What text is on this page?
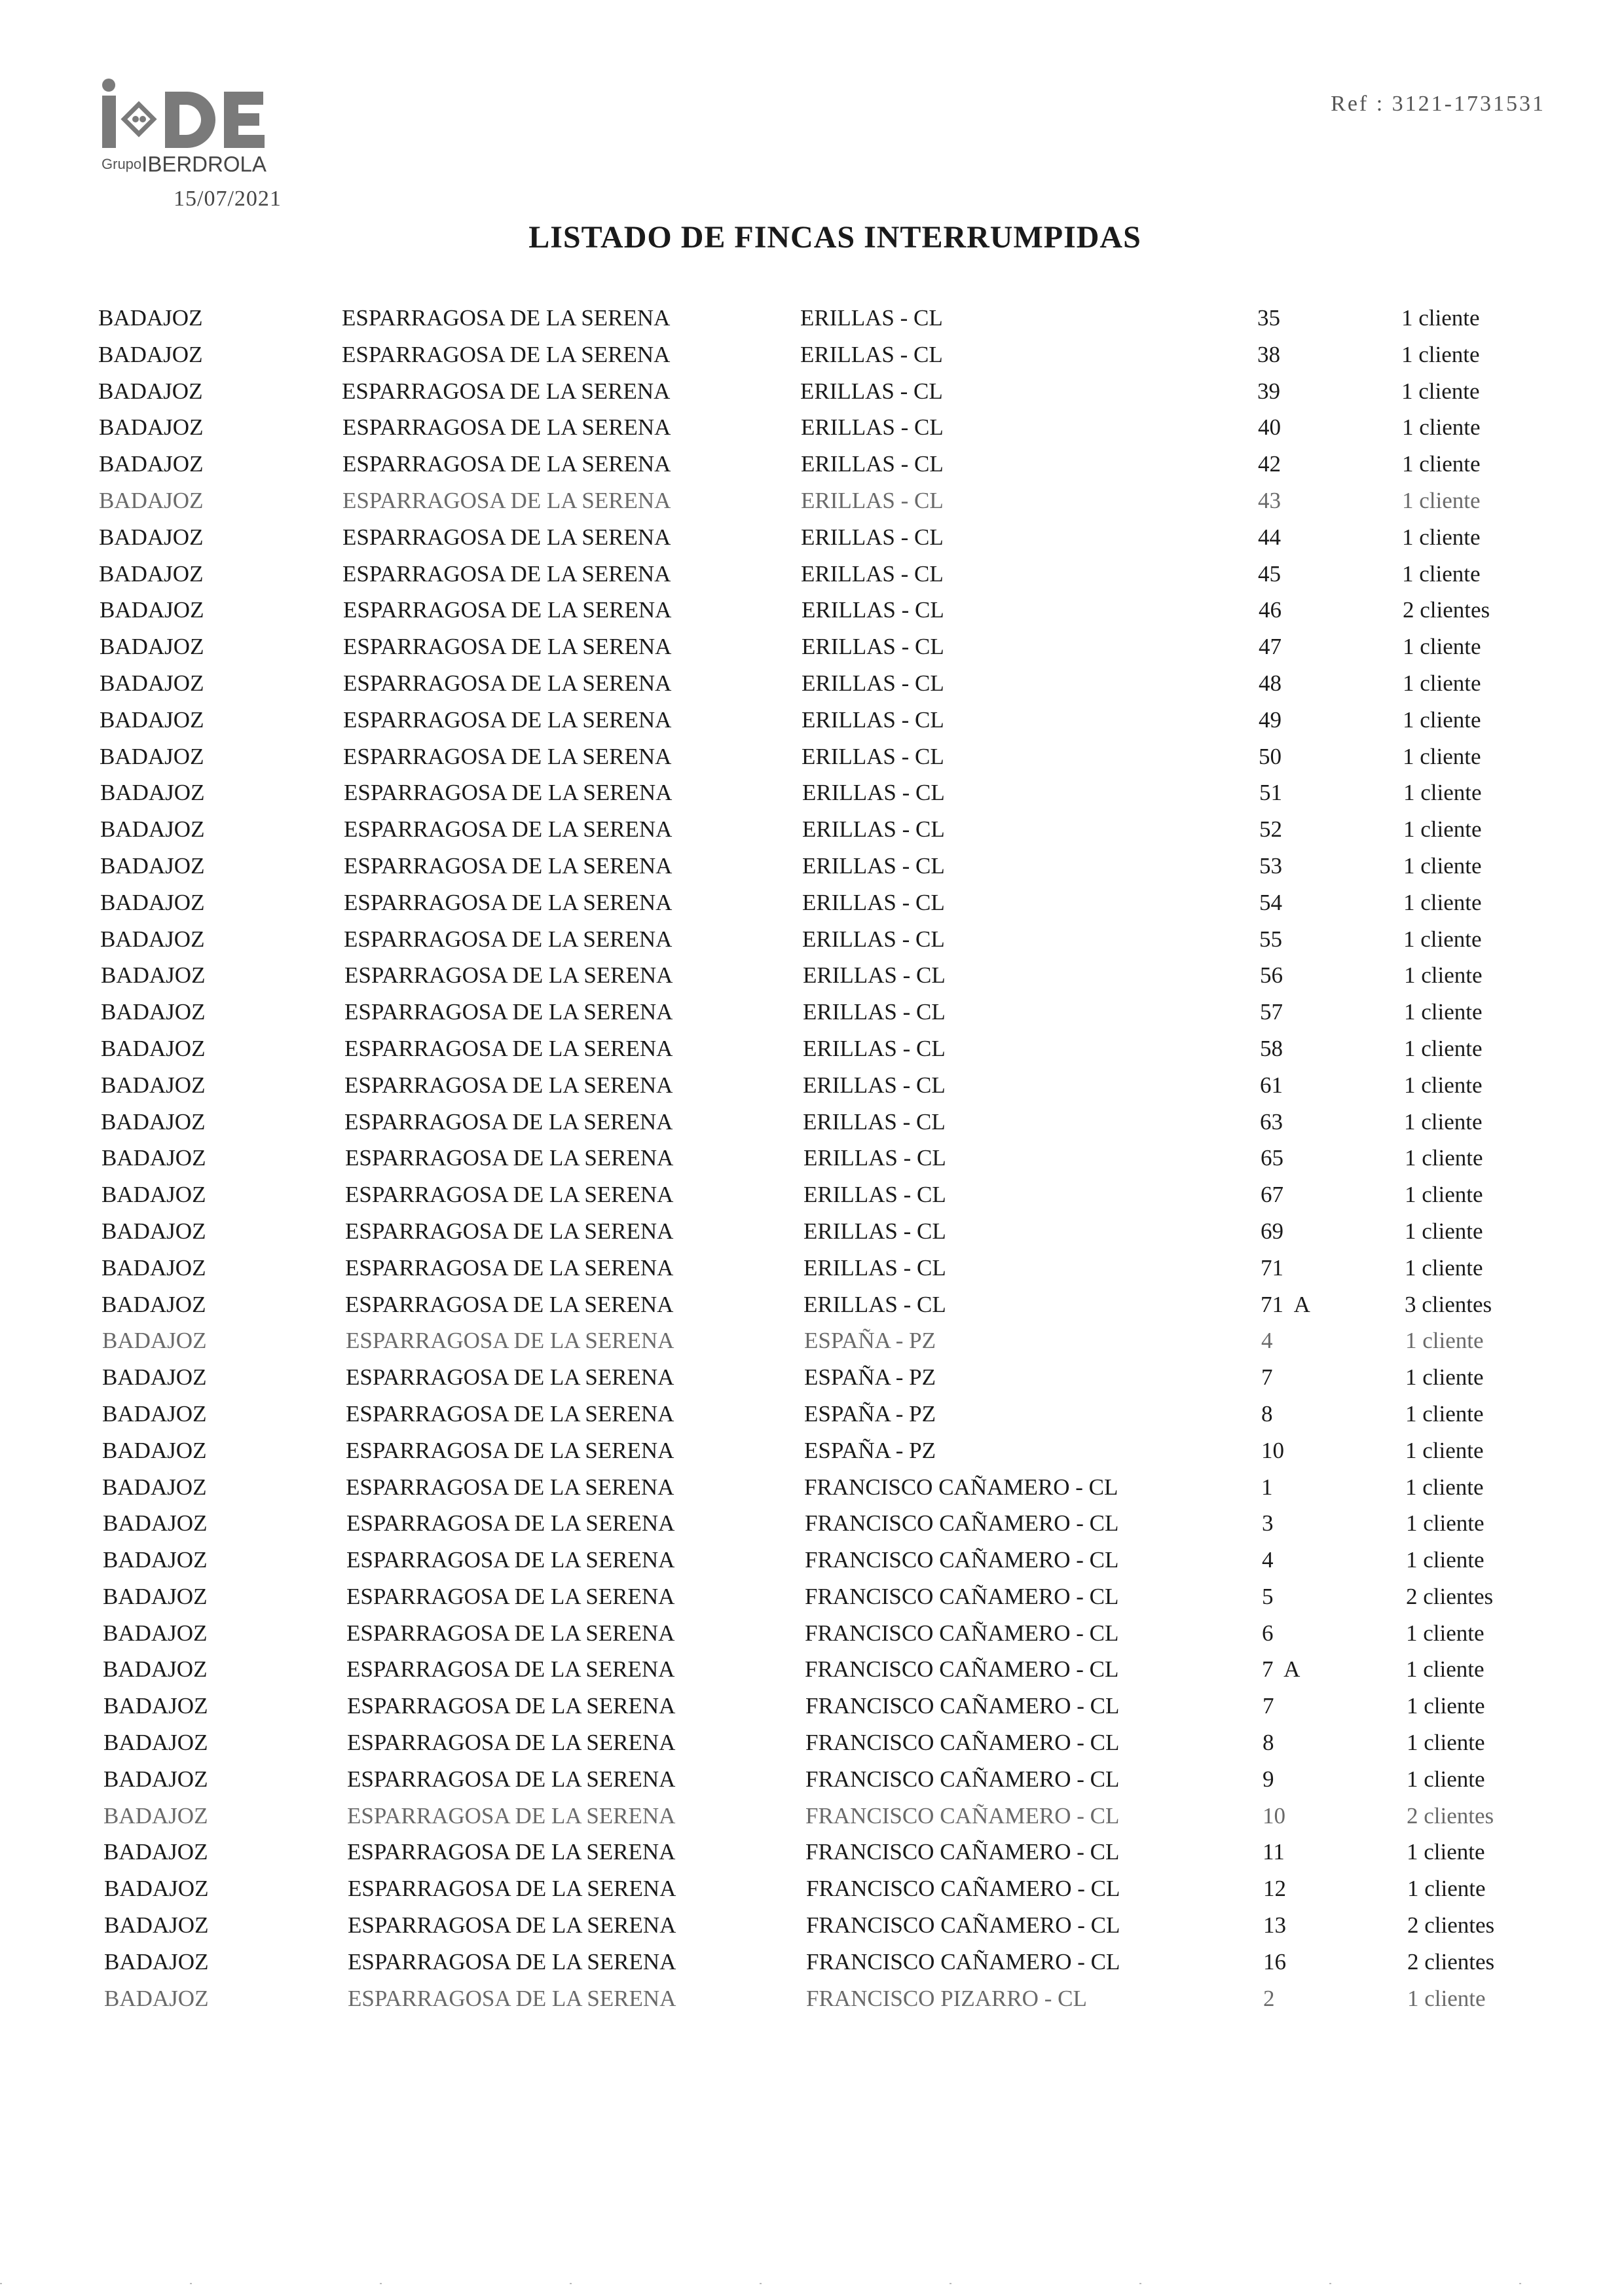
GrupoIBERDROLA
15/07/2021
Ref : 3121-1731531
LISTADO DE FINCAS INTERRUMPIDAS
BADAJOZ	ESPARRAGOSA DE LA SERENA	ERILLAS - CL	35	1 cliente
BADAJOZ	ESPARRAGOSA DE LA SERENA	ERILLAS - CL	38	1 cliente
BADAJOZ	ESPARRAGOSA DE LA SERENA	ERILLAS - CL	39	1 cliente
BADAJOZ	ESPARRAGOSA DE LA SERENA	ERILLAS - CL	40	1 cliente
BADAJOZ	ESPARRAGOSA DE LA SERENA	ERILLAS - CL	42	1 cliente
BADAJOZ	ESPARRAGOSA DE LA SERENA	ERILLAS - CL	43	1 cliente
BADAJOZ	ESPARRAGOSA DE LA SERENA	ERILLAS - CL	44	1 cliente
BADAJOZ	ESPARRAGOSA DE LA SERENA	ERILLAS - CL	45	1 cliente
BADAJOZ	ESPARRAGOSA DE LA SERENA	ERILLAS - CL	46	2 clientes
BADAJOZ	ESPARRAGOSA DE LA SERENA	ERILLAS - CL	47	1 cliente
BADAJOZ	ESPARRAGOSA DE LA SERENA	ERILLAS - CL	48	1 cliente
BADAJOZ	ESPARRAGOSA DE LA SERENA	ERILLAS - CL	49	1 cliente
BADAJOZ	ESPARRAGOSA DE LA SERENA	ERILLAS - CL	50	1 cliente
BADAJOZ	ESPARRAGOSA DE LA SERENA	ERILLAS - CL	51	1 cliente
BADAJOZ	ESPARRAGOSA DE LA SERENA	ERILLAS - CL	52	1 cliente
BADAJOZ	ESPARRAGOSA DE LA SERENA	ERILLAS - CL	53	1 cliente
BADAJOZ	ESPARRAGOSA DE LA SERENA	ERILLAS - CL	54	1 cliente
BADAJOZ	ESPARRAGOSA DE LA SERENA	ERILLAS - CL	55	1 cliente
BADAJOZ	ESPARRAGOSA DE LA SERENA	ERILLAS - CL	56	1 cliente
BADAJOZ	ESPARRAGOSA DE LA SERENA	ERILLAS - CL	57	1 cliente
BADAJOZ	ESPARRAGOSA DE LA SERENA	ERILLAS - CL	58	1 cliente
BADAJOZ	ESPARRAGOSA DE LA SERENA	ERILLAS - CL	61	1 cliente
BADAJOZ	ESPARRAGOSA DE LA SERENA	ERILLAS - CL	63	1 cliente
BADAJOZ	ESPARRAGOSA DE LA SERENA	ERILLAS - CL	65	1 cliente
BADAJOZ	ESPARRAGOSA DE LA SERENA	ERILLAS - CL	67	1 cliente
BADAJOZ	ESPARRAGOSA DE LA SERENA	ERILLAS - CL	69	1 cliente
BADAJOZ	ESPARRAGOSA DE LA SERENA	ERILLAS - CL	71	1 cliente
BADAJOZ	ESPARRAGOSA DE LA SERENA	ERILLAS - CL	71  A	3 clientes
BADAJOZ	ESPARRAGOSA DE LA SERENA	ESPAÑA - PZ	4	1 cliente
BADAJOZ	ESPARRAGOSA DE LA SERENA	ESPAÑA - PZ	7	1 cliente
BADAJOZ	ESPARRAGOSA DE LA SERENA	ESPAÑA - PZ	8	1 cliente
BADAJOZ	ESPARRAGOSA DE LA SERENA	ESPAÑA - PZ	10	1 cliente
BADAJOZ	ESPARRAGOSA DE LA SERENA	FRANCISCO CAÑAMERO - CL	1	1 cliente
BADAJOZ	ESPARRAGOSA DE LA SERENA	FRANCISCO CAÑAMERO - CL	3	1 cliente
BADAJOZ	ESPARRAGOSA DE LA SERENA	FRANCISCO CAÑAMERO - CL	4	1 cliente
BADAJOZ	ESPARRAGOSA DE LA SERENA	FRANCISCO CAÑAMERO - CL	5	2 clientes
BADAJOZ	ESPARRAGOSA DE LA SERENA	FRANCISCO CAÑAMERO - CL	6	1 cliente
BADAJOZ	ESPARRAGOSA DE LA SERENA	FRANCISCO CAÑAMERO - CL	7  A	1 cliente
BADAJOZ	ESPARRAGOSA DE LA SERENA	FRANCISCO CAÑAMERO - CL	7	1 cliente
BADAJOZ	ESPARRAGOSA DE LA SERENA	FRANCISCO CAÑAMERO - CL	8	1 cliente
BADAJOZ	ESPARRAGOSA DE LA SERENA	FRANCISCO CAÑAMERO - CL	9	1 cliente
BADAJOZ	ESPARRAGOSA DE LA SERENA	FRANCISCO CAÑAMERO - CL	10	2 clientes
BADAJOZ	ESPARRAGOSA DE LA SERENA	FRANCISCO CAÑAMERO - CL	11	1 cliente
BADAJOZ	ESPARRAGOSA DE LA SERENA	FRANCISCO CAÑAMERO - CL	12	1 cliente
BADAJOZ	ESPARRAGOSA DE LA SERENA	FRANCISCO CAÑAMERO - CL	13	2 clientes
BADAJOZ	ESPARRAGOSA DE LA SERENA	FRANCISCO CAÑAMERO - CL	16	2 clientes
BADAJOZ	ESPARRAGOSA DE LA SERENA	FRANCISCO PIZARRO - CL	2	1 cliente
